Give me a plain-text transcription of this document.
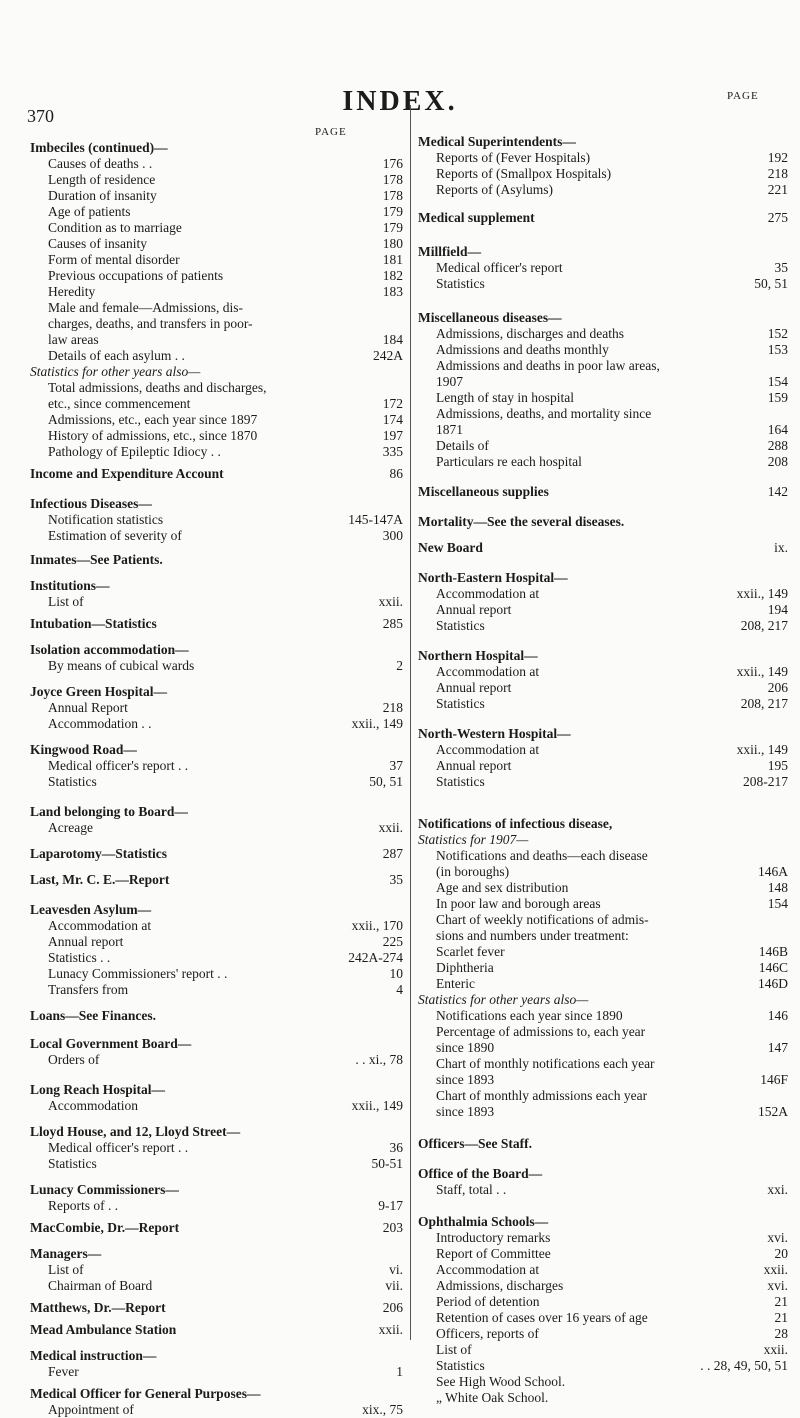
370	INDEX.
PAGE
PAGE
Imbeciles (continued)—
Causes of deaths . .	176
Length of residence	178
Duration of insanity	178
Age of patients	179
Condition as to marriage	179
Causes of insanity	180
Form of mental disorder	181
Previous occupations of patients	182
Heredity	183
Male and female—Admissions, dis-
charges, deaths, and transfers in poor-
law areas	184
Details of each asylum . .	242A
Statistics for other years also—
Total admissions, deaths and discharges,
etc., since commencement	172
Admissions, etc., each year since 1897	174
History of admissions, etc., since 1870	197
Pathology of Epileptic Idiocy . .	335
Income and Expenditure Account	86
Infectious Diseases—
Notification statistics	145-147A
Estimation of severity of	300
Inmates—See Patients.
Institutions—
List of	xxii.
Intubation—Statistics	285
Isolation accommodation—
By means of cubical wards	2
Joyce Green Hospital—
Annual Report	218
Accommodation . .	xxii., 149
Kingwood Road—
Medical officer's report . .	37
Statistics	50, 51
Land belonging to Board—
Acreage	xxii.
Laparotomy—Statistics	287
Last, Mr. C. E.—Report	35
Leavesden Asylum—
Accommodation at	xxii., 170
Annual report	225
Statistics . .	242A-274
Lunacy Commissioners' report . .	10
Transfers from	4
Loans—See Finances.
Local Government Board—
Orders of	. . xi., 78
Long Reach Hospital—
Accommodation	xxii., 149
Lloyd House, and 12, Lloyd Street—
Medical officer's report . .	36
Statistics	50-51
Lunacy Commissioners—
Reports of . .	9-17
MacCombie, Dr.—Report	203
Managers—
List of	vi.
Chairman of Board	vii.
Matthews, Dr.—Report	206
Mead Ambulance Station	xxii.
Medical instruction—
Fever	1
Medical Officer for General Purposes—
Appointment of	xix., 75
Medical Superintendents—
Reports of (Fever Hospitals)	192
Reports of (Smallpox Hospitals)	218
Reports of (Asylums)	221
Medical supplement	275
Millfield—
Medical officer's report	35
Statistics	50, 51
Miscellaneous diseases—
Admissions, discharges and deaths	152
Admissions and deaths monthly	153
Admissions and deaths in poor law areas,
1907	154
Length of stay in hospital	159
Admissions, deaths, and mortality since
1871	164
Details of	288
Particulars re each hospital	208
Miscellaneous supplies	142
Mortality—See the several diseases.
New Board	ix.
North-Eastern Hospital—
Accommodation at	xxii., 149
Annual report	194
Statistics	208, 217
Northern Hospital—
Accommodation at	xxii., 149
Annual report	206
Statistics	208, 217
North-Western Hospital—
Accommodation at	xxii., 149
Annual report	195
Statistics	208-217
Notifications of infectious disease,
Statistics for 1907—
Notifications and deaths—each disease
(in boroughs)	146A
Age and sex distribution	148
In poor law and borough areas	154
Chart of weekly notifications of admis-
sions and numbers under treatment:
Scarlet fever	146B
Diphtheria	146C
Enteric	146D
Statistics for other years also—
Notifications each year since 1890	146
Percentage of admissions to, each year
since 1890	147
Chart of monthly notifications each year
since 1893	146F
Chart of monthly admissions each year
since 1893	152A
Officers—See Staff.
Office of the Board—
Staff, total . .	xxi.
Ophthalmia Schools—
Introductory remarks	xvi.
Report of Committee	20
Accommodation at	xxii.
Admissions, discharges	xvi.
Period of detention	21
Retention of cases over 16 years of age	21
Officers, reports of	28
List of	xxii.
Statistics	. . 28, 49, 50, 51
See High Wood School.
„ White Oak School.
